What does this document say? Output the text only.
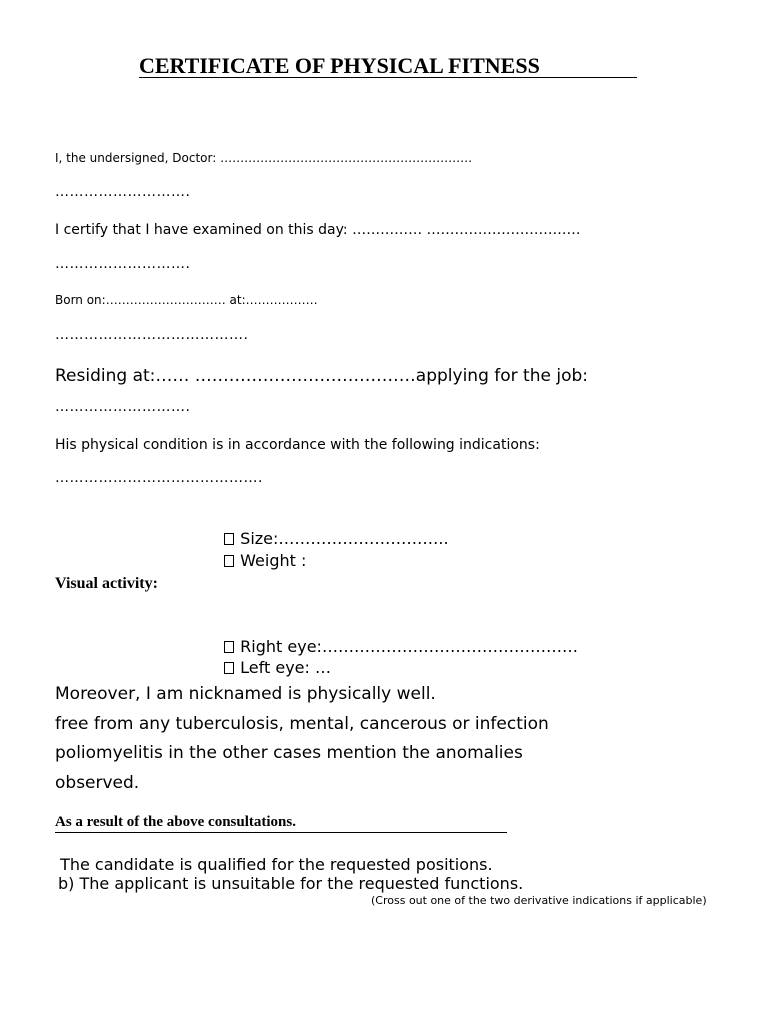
CERTIFICATE OF PHYSICAL FITNESS
I, the undersigned, Doctor: ………………………………………………………
……………………….
I certify that I have examined on this day: …………… ……………………………
……………………….
Born on:………………………… at:………………
………………………………….
Residing at:…… …………………………………applying for the job:
……………………….
His physical condition is in accordance with the following indications:
…………………………………….

Size:…………………………..

Weight :

Visual activity:

Right eye:…………………………………………

Left eye: …

Moreover, I am nicknamed is physically well.
free from any tuberculosis, mental, cancerous or infection
poliomyelitis in the other cases mention the anomalies
observed.
As a result of the above consultations.
The candidate is qualified for the requested positions.
b) The applicant is unsuitable for the requested functions.
(Cross out one of the two derivative indications if applicable)
